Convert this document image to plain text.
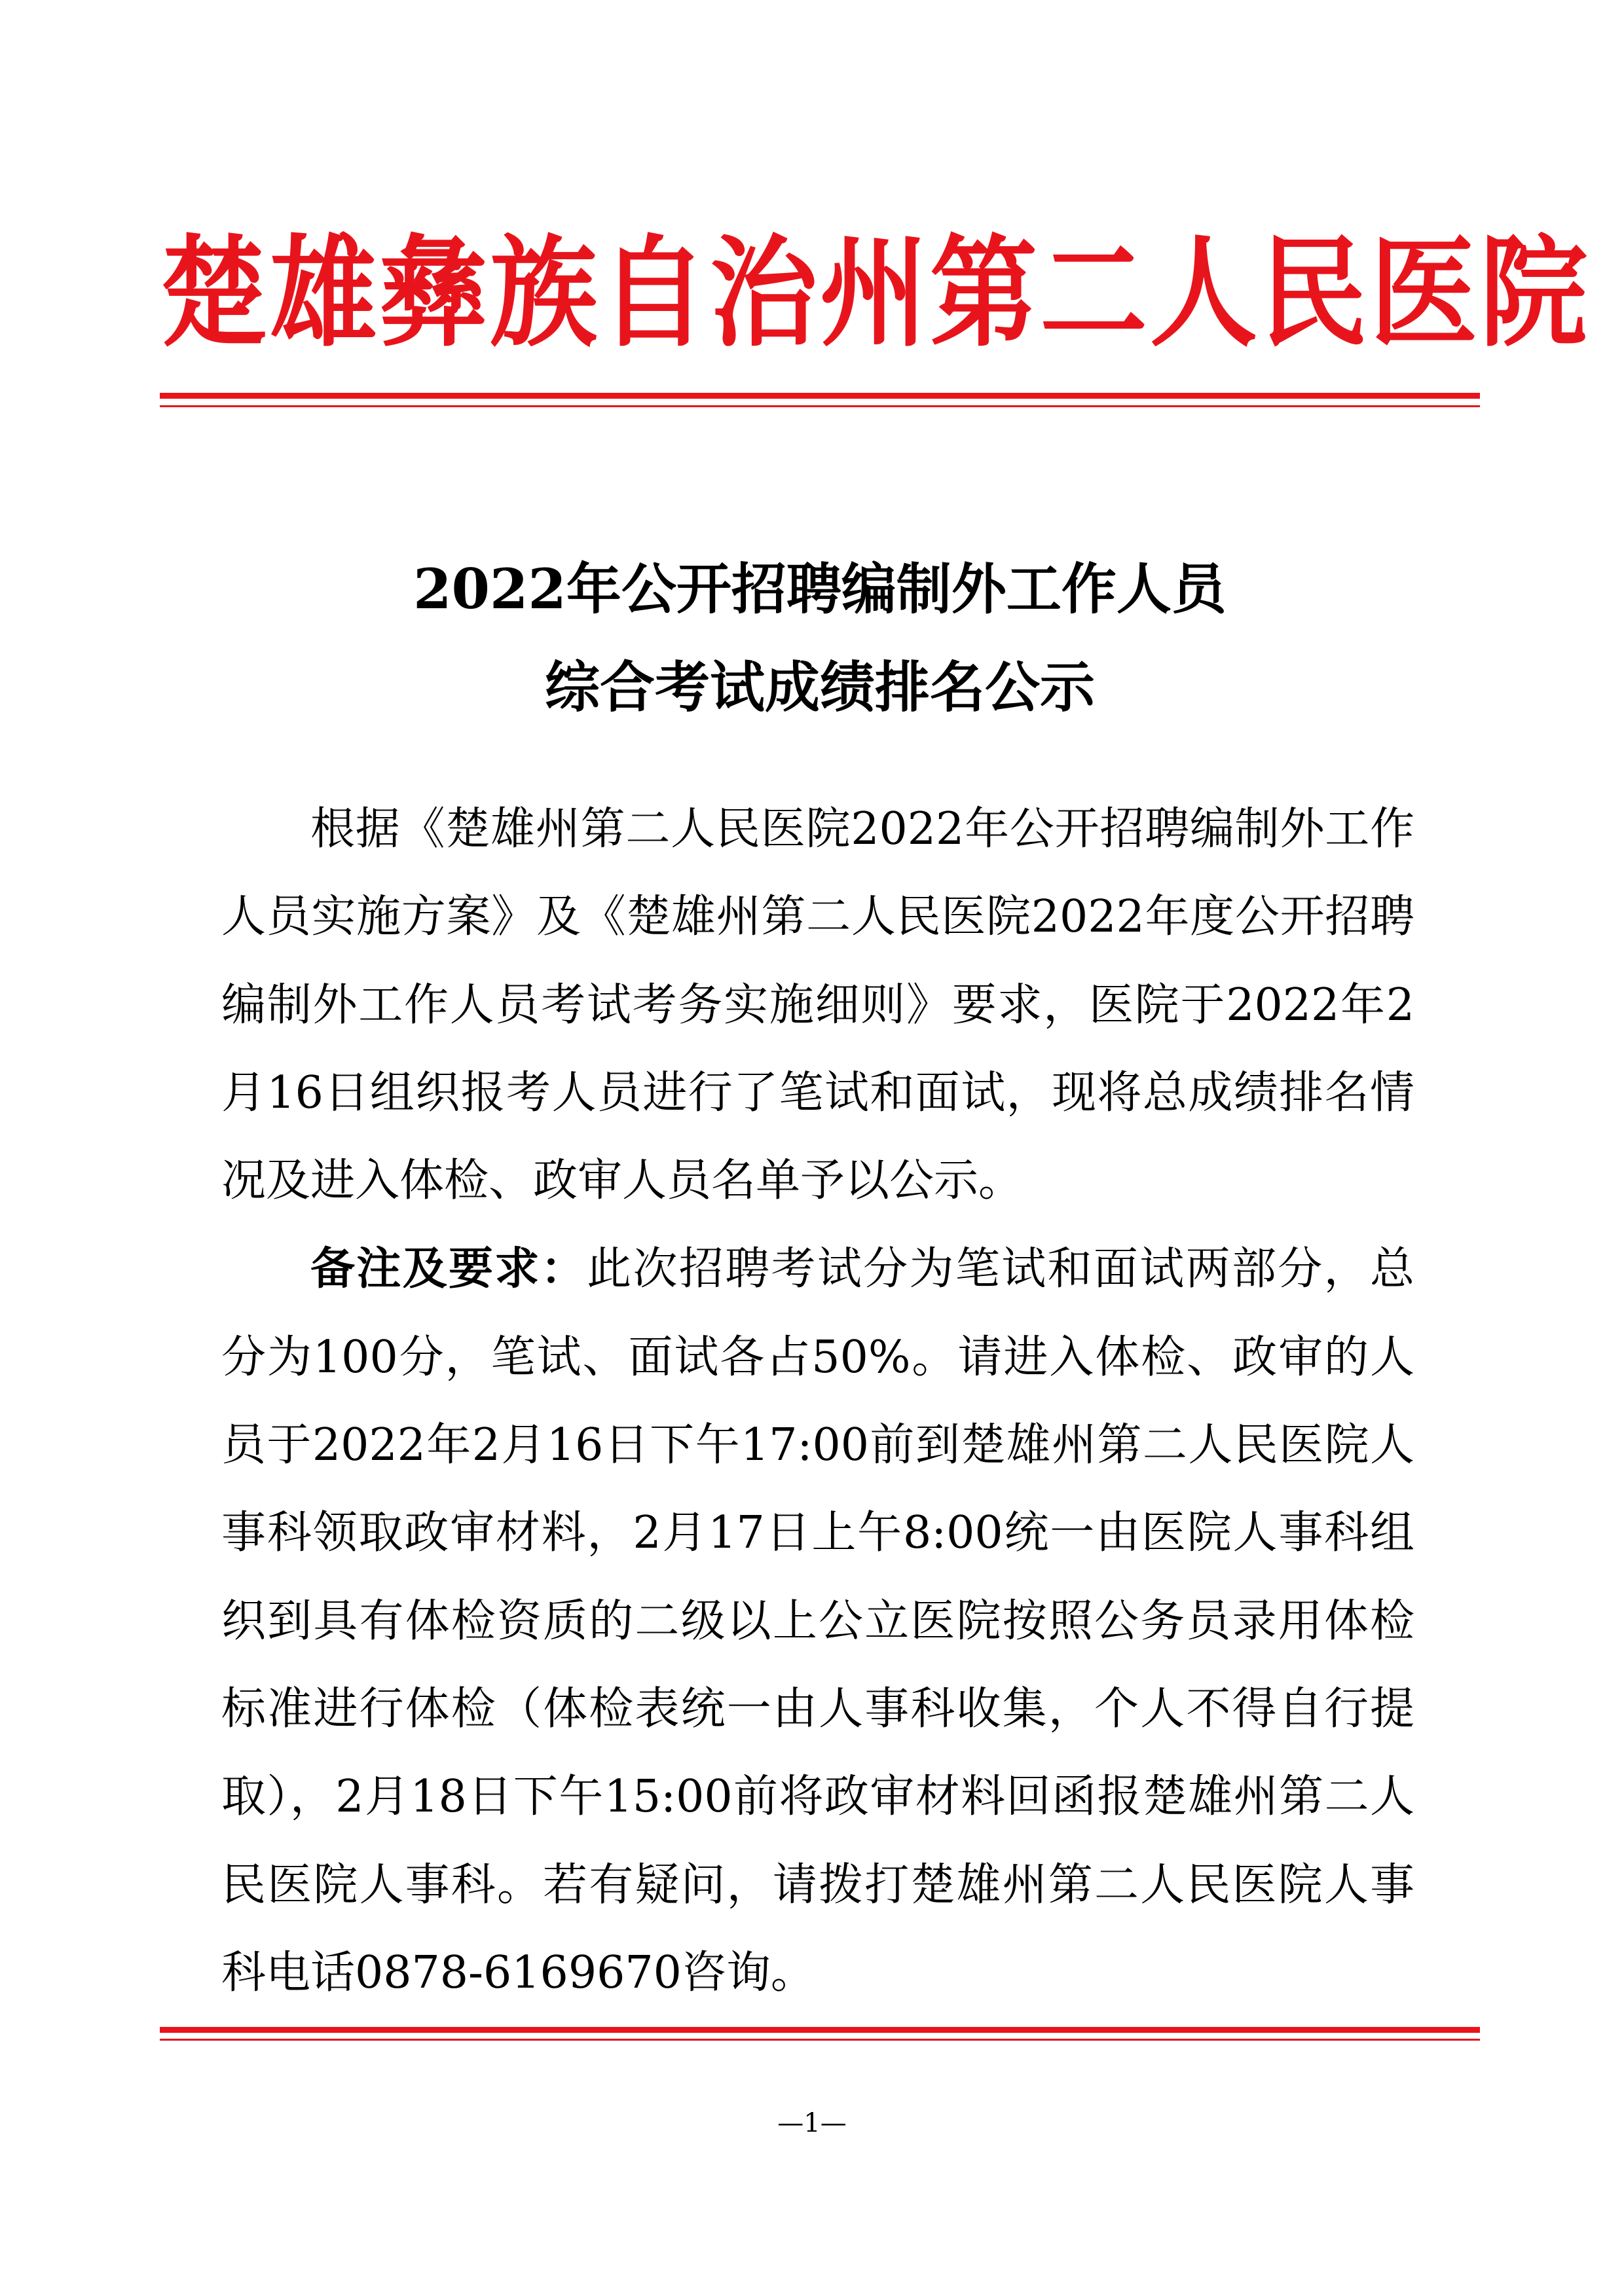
楚雄彝族自治州第二人民医院
2022年公开招聘编制外工作人员
综合考试成绩排名公示

根据《楚雄州第二人民医院2022年公开招聘编制外工作人员实施方案》及《楚雄州第二人民医院2022年度公开招聘编制外工作人员考试考务实施细则》要求，医院于2022年2月16日组织报考人员进行了笔试和面试，现将总成绩排名情况及进入体检、政审人员名单予以公示。

备注及要求：此次招聘考试分为笔试和面试两部分，总分为100分，笔试、面试各占50%。请进入体检、政审的人员于2022年2月16日下午17:00前到楚雄州第二人民医院人事科领取政审材料，2月17日上午8:00统一由医院人事科组织到具有体检资质的二级以上公立医院按照公务员录用体检标准进行体检（体检表统一由人事科收集，个人不得自行提取），2月18日下午15:00前将政审材料回函报楚雄州第二人民医院人事科。若有疑问，请拨打楚雄州第二人民医院人事科电话0878-6169670咨询。

—1—
